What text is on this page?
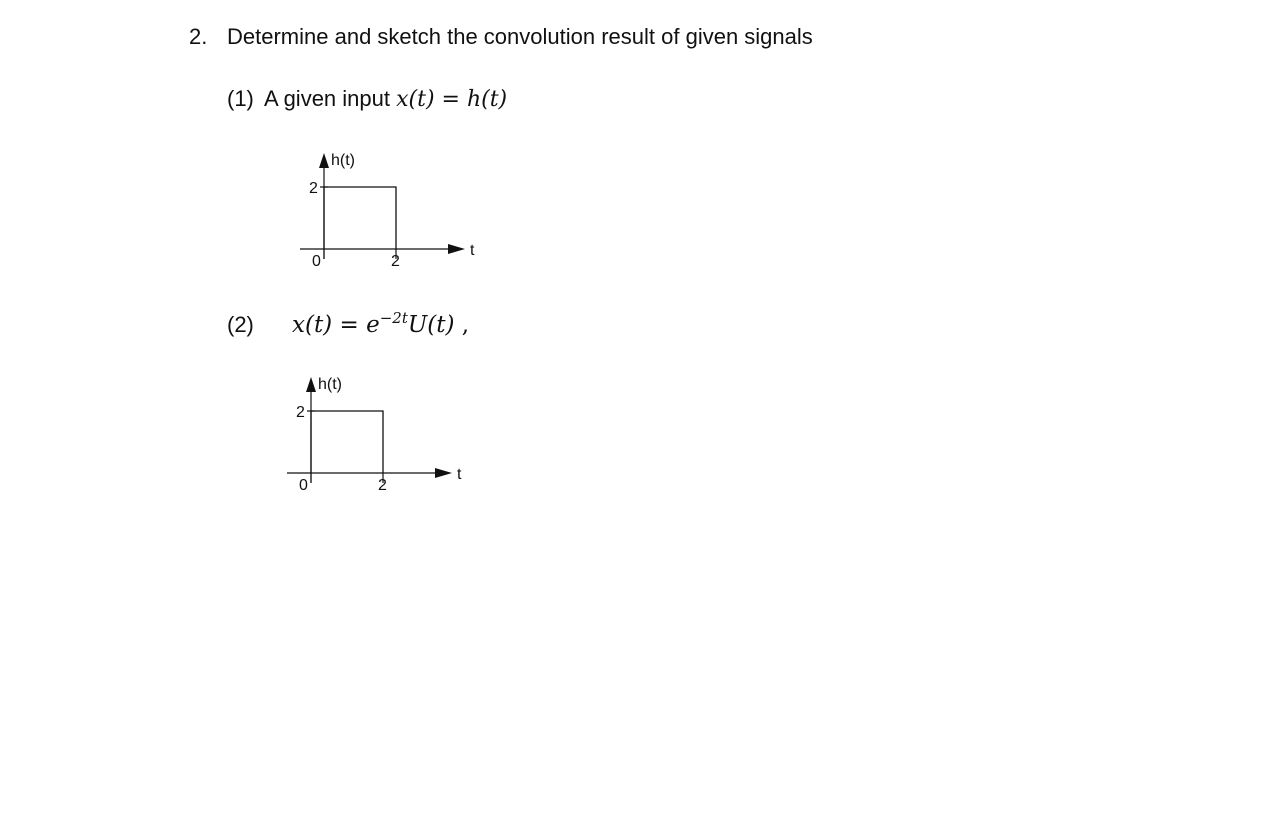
2. Determine and sketch the convolution result of given signals
(1) A given input x(t) = h(t)
h(t)
t
2
0	2
(2) $x(t) = e^{-2t}U(t)$ ,
h(t)
t
2
0	2
